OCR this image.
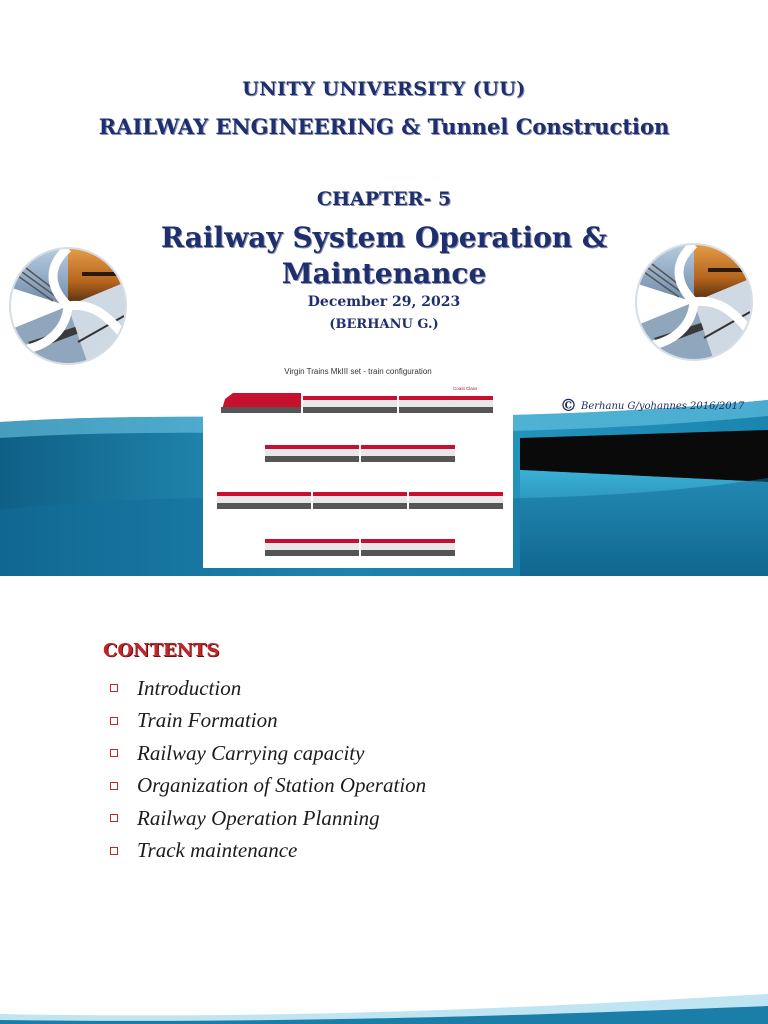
UNITY UNIVERSITY (UU)
RAILWAY ENGINEERING & Tunnel Construction
CHAPTER- 5
Railway System Operation &
Maintenance
December 29, 2023
(BERHANU G.)
Virgin Trains MkIII set - train configuration
Coast Class
© Berhanu G/yohannes 2016/2017
CONTENTS
Introduction
Train Formation
Railway Carrying capacity
Organization of Station Operation
Railway Operation Planning
Track maintenance
